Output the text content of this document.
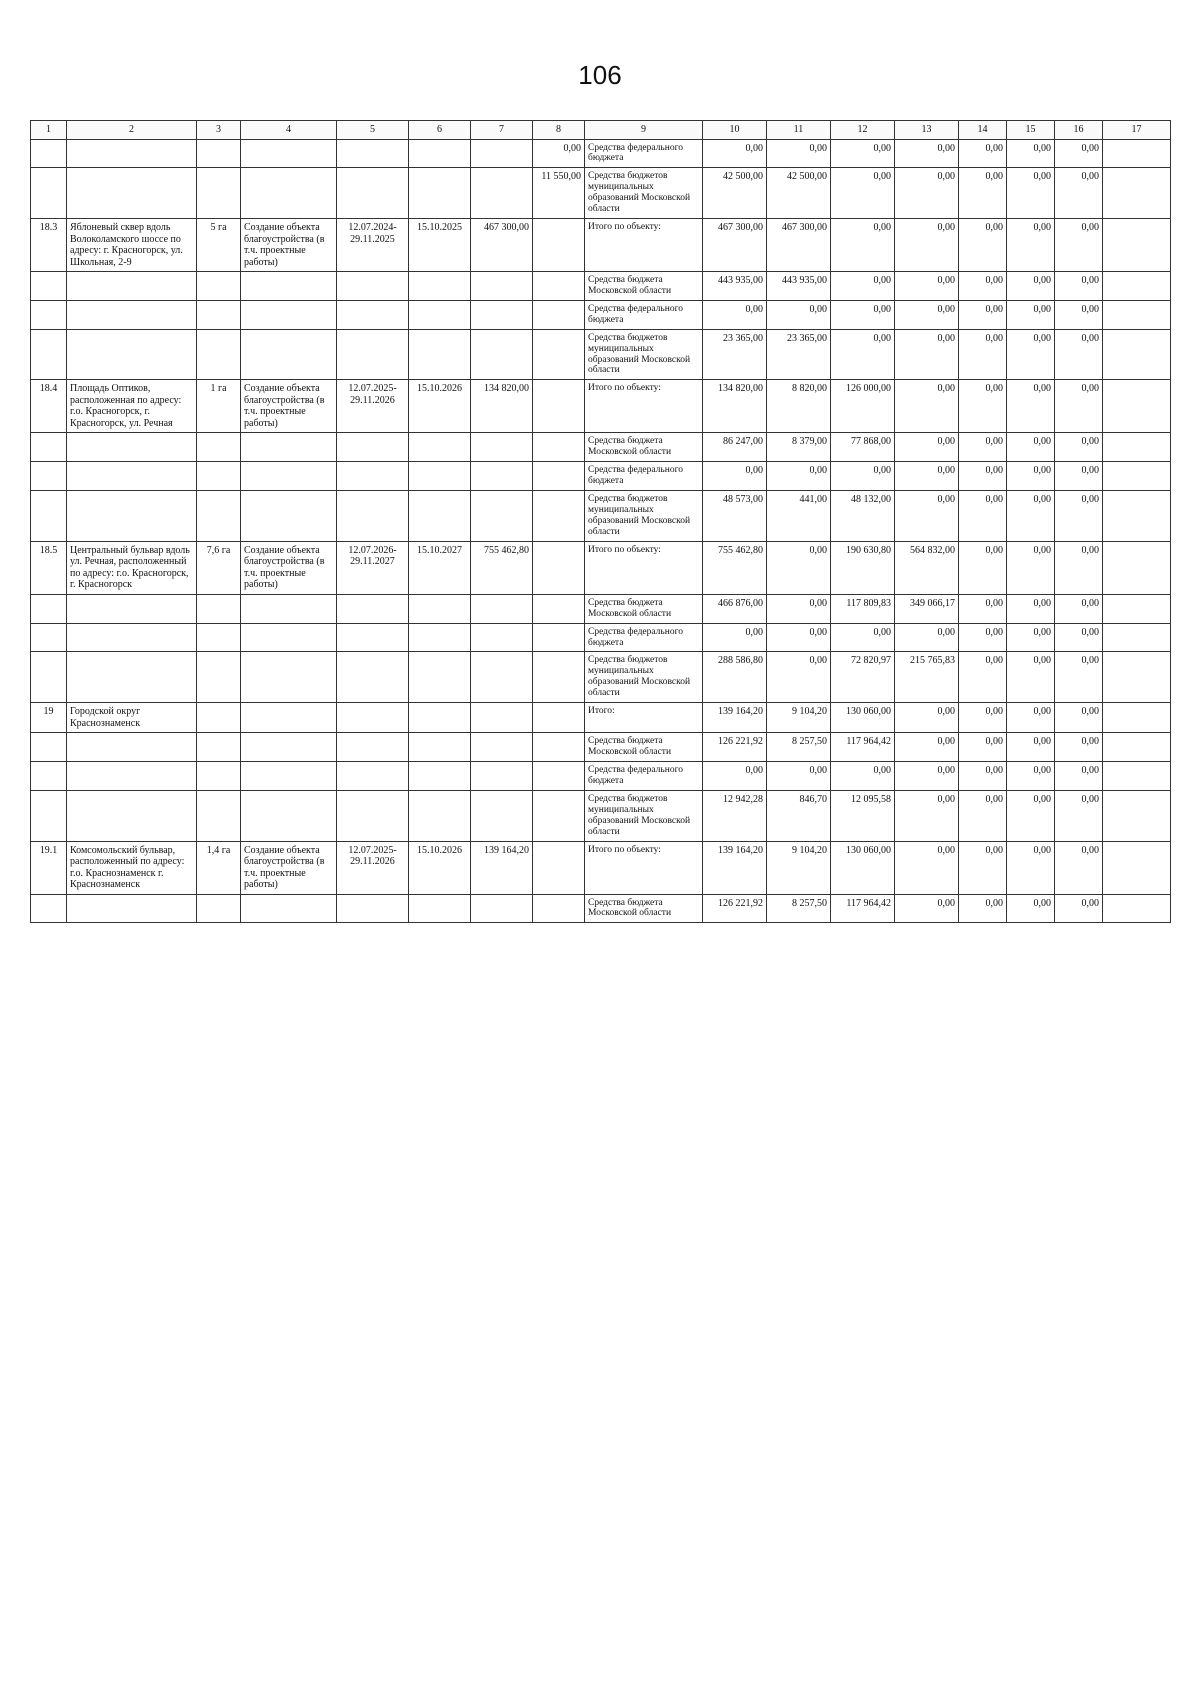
106
1	2	3	4	5	6	7	8	9	10	11	12	13	14	15	16	17
							0,00	Средства федерального бюджета	0,00	0,00	0,00	0,00	0,00	0,00	0,00	
							11 550,00	Средства бюджетов муниципальных образований Московской области	42 500,00	42 500,00	0,00	0,00	0,00	0,00	0,00	
18.3	Яблоневый сквер вдоль Волоколамского шоссе по адресу: г. Красногорск, ул. Школьная, 2-9	5 га	Создание объекта благоустройства (в т.ч. проектные работы)	12.07.2024-29.11.2025	15.10.2025	467 300,00		Итого по объекту:	467 300,00	467 300,00	0,00	0,00	0,00	0,00	0,00	
								Средства бюджета Московской области	443 935,00	443 935,00	0,00	0,00	0,00	0,00	0,00	
								Средства федерального бюджета	0,00	0,00	0,00	0,00	0,00	0,00	0,00	
								Средства бюджетов муниципальных образований Московской области	23 365,00	23 365,00	0,00	0,00	0,00	0,00	0,00	
18.4	Площадь Оптиков, расположенная по адресу: г.о. Красногорск, г. Красногорск, ул. Речная	1 га	Создание объекта благоустройства (в т.ч. проектные работы)	12.07.2025-29.11.2026	15.10.2026	134 820,00		Итого по объекту:	134 820,00	8 820,00	126 000,00	0,00	0,00	0,00	0,00	
								Средства бюджета Московской области	86 247,00	8 379,00	77 868,00	0,00	0,00	0,00	0,00	
								Средства федерального бюджета	0,00	0,00	0,00	0,00	0,00	0,00	0,00	
								Средства бюджетов муниципальных образований Московской области	48 573,00	441,00	48 132,00	0,00	0,00	0,00	0,00	
18.5	Центральный бульвар вдоль ул. Речная, расположенный по адресу: г.о. Красногорск, г. Красногорск	7,6 га	Создание объекта благоустройства (в т.ч. проектные работы)	12.07.2026-29.11.2027	15.10.2027	755 462,80		Итого по объекту:	755 462,80	0,00	190 630,80	564 832,00	0,00	0,00	0,00	
								Средства бюджета Московской области	466 876,00	0,00	117 809,83	349 066,17	0,00	0,00	0,00	
								Средства федерального бюджета	0,00	0,00	0,00	0,00	0,00	0,00	0,00	
								Средства бюджетов муниципальных образований Московской области	288 586,80	0,00	72 820,97	215 765,83	0,00	0,00	0,00	
19	Городской округ Краснознаменск							Итого:	139 164,20	9 104,20	130 060,00	0,00	0,00	0,00	0,00	
								Средства бюджета Московской области	126 221,92	8 257,50	117 964,42	0,00	0,00	0,00	0,00	
								Средства федерального бюджета	0,00	0,00	0,00	0,00	0,00	0,00	0,00	
								Средства бюджетов муниципальных образований Московской области	12 942,28	846,70	12 095,58	0,00	0,00	0,00	0,00	
19.1	Комсомольский бульвар, расположенный по адресу: г.о. Краснознаменск г. Краснознаменск	1,4 га	Создание объекта благоустройства (в т.ч. проектные работы)	12.07.2025-29.11.2026	15.10.2026	139 164,20		Итого по объекту:	139 164,20	9 104,20	130 060,00	0,00	0,00	0,00	0,00	
								Средства бюджета Московской области	126 221,92	8 257,50	117 964,42	0,00	0,00	0,00	0,00	
